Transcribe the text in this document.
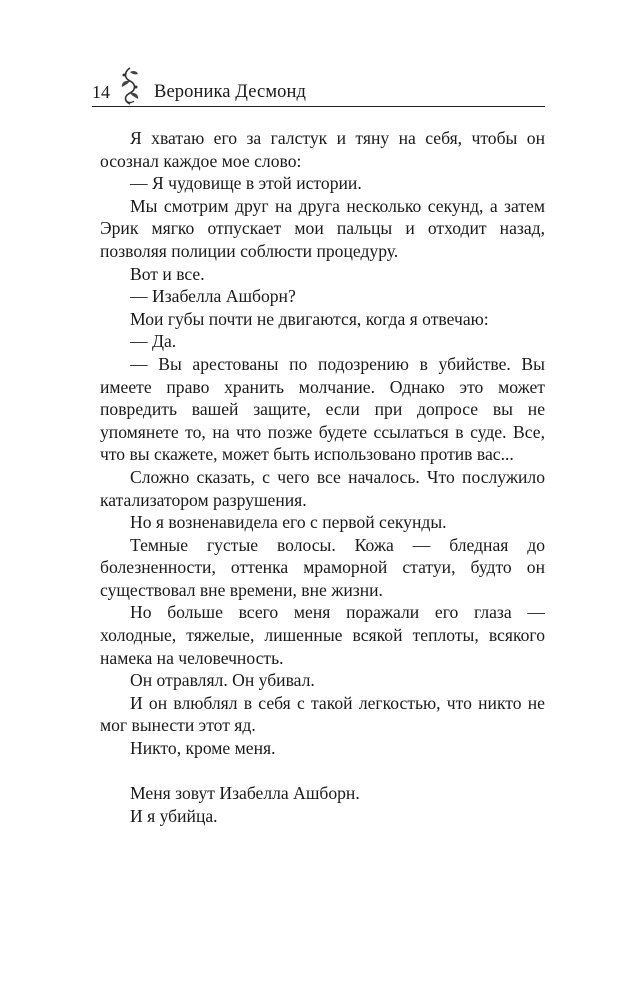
14 Вероника Десмонд

Я хватаю его за галстук и тяну на себя, чтобы он осознал каждое мое слово:

— Я чудовище в этой истории.

Мы смотрим друг на друга несколько секунд, а затем Эрик мягко отпускает мои пальцы и отходит назад, позволяя полиции соблюсти процедуру.

Вот и все.

— Изабелла Ашборн?

Мои губы почти не двигаются, когда я отвечаю:

— Да.

— Вы арестованы по подозрению в убийстве. Вы имеете право хранить молчание. Однако это может повредить вашей защите, если при допросе вы не упомянете то, на что позже будете ссылаться в суде. Все, что вы скажете, может быть использовано против вас...

Сложно сказать, с чего все началось. Что послужило катализатором разрушения.

Но я возненавидела его с первой секунды.

Темные густые волосы. Кожа — бледная до болезненности, оттенка мраморной статуи, будто он существовал вне времени, вне жизни.

Но больше всего меня поражали его глаза — холодные, тяжелые, лишенные всякой теплоты, всякого намека на человечность.

Он отравлял. Он убивал.

И он влюблял в себя с такой легкостью, что никто не мог вынести этот яд.

Никто, кроме меня.

Меня зовут Изабелла Ашборн.

И я убийца.
